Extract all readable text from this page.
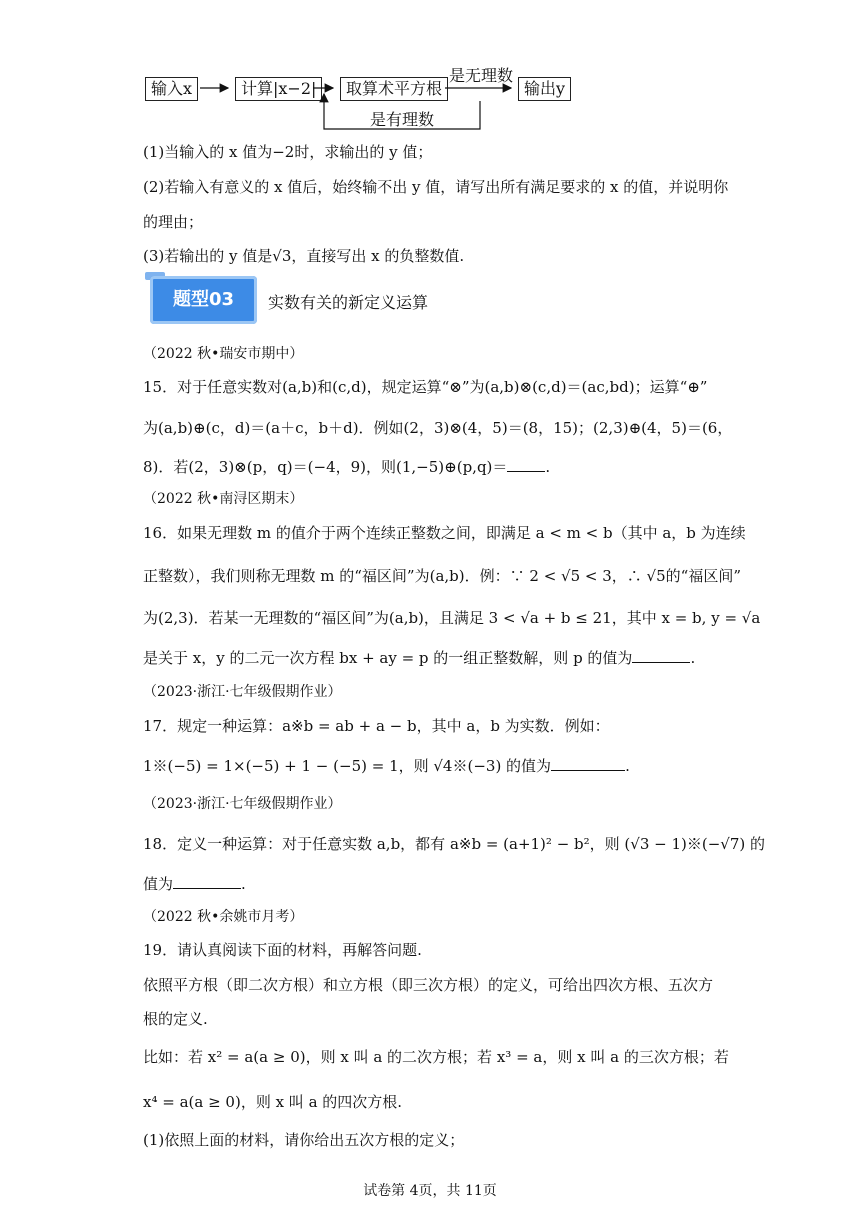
输入x	计算|x−2|	取算术平方根	输出y
是无理数
是有理数
(1)当输入的 x 值为−2时，求输出的 y 值；
(2)若输入有意义的 x 值后，始终输不出 y 值，请写出所有满足要求的 x 的值，并说明你
的理由；
(3)若输出的 y 值是√3，直接写出 x 的负整数值.
题型03	实数有关的新定义运算
（2022 秋•瑞安市期中）
15．对于任意实数对(a,b)和(c,d)，规定运算“⊗”为(a,b)⊗(c,d)＝(ac,bd)；运算“⊕”
为(a,b)⊕(c，d)＝(a＋c，b＋d)．例如(2，3)⊗(4，5)＝(8，15)；(2,3)⊕(4，5)＝(6，
8)．若(2，3)⊗(p，q)＝(−4，9)，则(1,−5)⊕(p,q)＝	.
（2022 秋•南浔区期末）
16．如果无理数 m 的值介于两个连续正整数之间，即满足 a < m < b（其中 a，b 为连续
正整数），我们则称无理数 m 的“福区间”为(a,b)．例：∵ 2 < √5 < 3，∴ √5的“福区间”
为(2,3)．若某一无理数的“福区间”为(a,b)，且满足 3 < √a + b ≤ 21，其中 x = b, y = √a
是关于 x，y 的二元一次方程 bx + ay = p 的一组正整数解，则 p 的值为	.
（2023·浙江·七年级假期作业）
17．规定一种运算：a※b = ab + a − b，其中 a，b 为实数．例如：
1※(−5) = 1×(−5) + 1 − (−5) = 1，则 √4※(−3) 的值为	.
（2023·浙江·七年级假期作业）
18．定义一种运算：对于任意实数 a,b，都有 a※b = (a+1)² − b²，则 (√3 − 1)※(−√7) 的
值为	.
（2022 秋•余姚市月考）
19．请认真阅读下面的材料，再解答问题.
依照平方根（即二次方根）和立方根（即三次方根）的定义，可给出四次方根、五次方
根的定义.
比如：若 x² = a(a ≥ 0)，则 x 叫 a 的二次方根；若 x³ = a，则 x 叫 a 的三次方根；若
x⁴ = a(a ≥ 0)，则 x 叫 a 的四次方根.
(1)依照上面的材料，请你给出五次方根的定义；
试卷第 4页，共 11页
